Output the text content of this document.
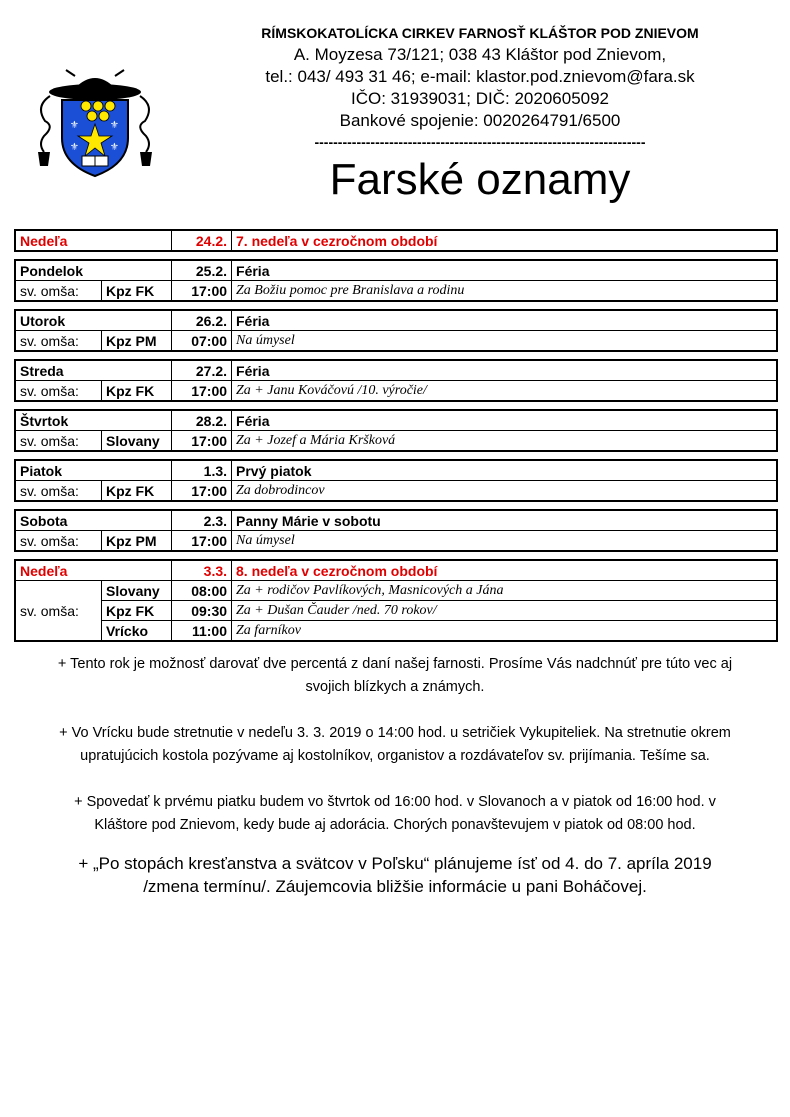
⚜	⚜
⚜	⚜
RÍMSKOKATOLÍCKA CIRKEV FARNOSŤ KLÁŠTOR POD ZNIEVOM
A. Moyzesa 73/121; 038 43 Kláštor pod Znievom,
tel.: 043/ 493 31 46; e-mail: klastor.pod.znievom@fara.sk
IČO: 31939031; DIČ: 2020605092
Bankové spojenie: 0020264791/6500
-----------------------------------------------------------------------
Farské oznamy
Nedeľa	24.2.	7. nedeľa v cezročnom období
Pondelok		25.2.	Féria
sv. omša:	Kpz FK	17:00	Za Božiu pomoc pre Branislava a rodinu
Utorok		26.2.	Féria
sv. omša:	Kpz PM	07:00	Na úmysel
Streda		27.2.	Féria
sv. omša:	Kpz FK	17:00	Za + Janu Kováčovú /10. výročie/
Štvrtok		28.2.	Féria
sv. omša:	Slovany	17:00	Za + Jozef a Mária Kršková
Piatok		1.3.	Prvý piatok
sv. omša:	Kpz FK	17:00	Za dobrodincov
Sobota		2.3.	Panny Márie v sobotu
sv. omša:	Kpz PM	17:00	Na úmysel
Nedeľa		3.3.	8. nedeľa v cezročnom období
sv. omša:	Slovany	08:00	Za + rodičov Pavlíkových, Masnicových a Jána
	Kpz FK	09:30	Za + Dušan Čauder /ned. 70 rokov/
	Vrícko	11:00	Za farníkov
+ Tento rok je možnosť darovať dve percentá z daní našej farnosti. Prosíme Vás nadchnúť pre túto vec aj
svojich blízkych a známych.
+ Vo Vrícku bude stretnutie v nedeľu 3. 3. 2019 o 14:00 hod. u setričiek Vykupiteliek. Na stretnutie okrem
upratujúcich kostola pozývame aj kostolníkov, organistov a rozdávateľov sv. prijímania. Tešíme sa.
+ Spovedať k prvému piatku budem vo štvrtok od 16:00 hod. v Slovanoch a v piatok od 16:00 hod. v
Kláštore pod Znievom, kedy bude aj adorácia. Chorých ponavštevujem v piatok od 08:00 hod.
+ „Po stopách kresťanstva a svätcov v Poľsku“ plánujeme ísť od 4. do 7. apríla 2019
/zmena termínu/. Záujemcovia bližšie informácie u pani Boháčovej.
